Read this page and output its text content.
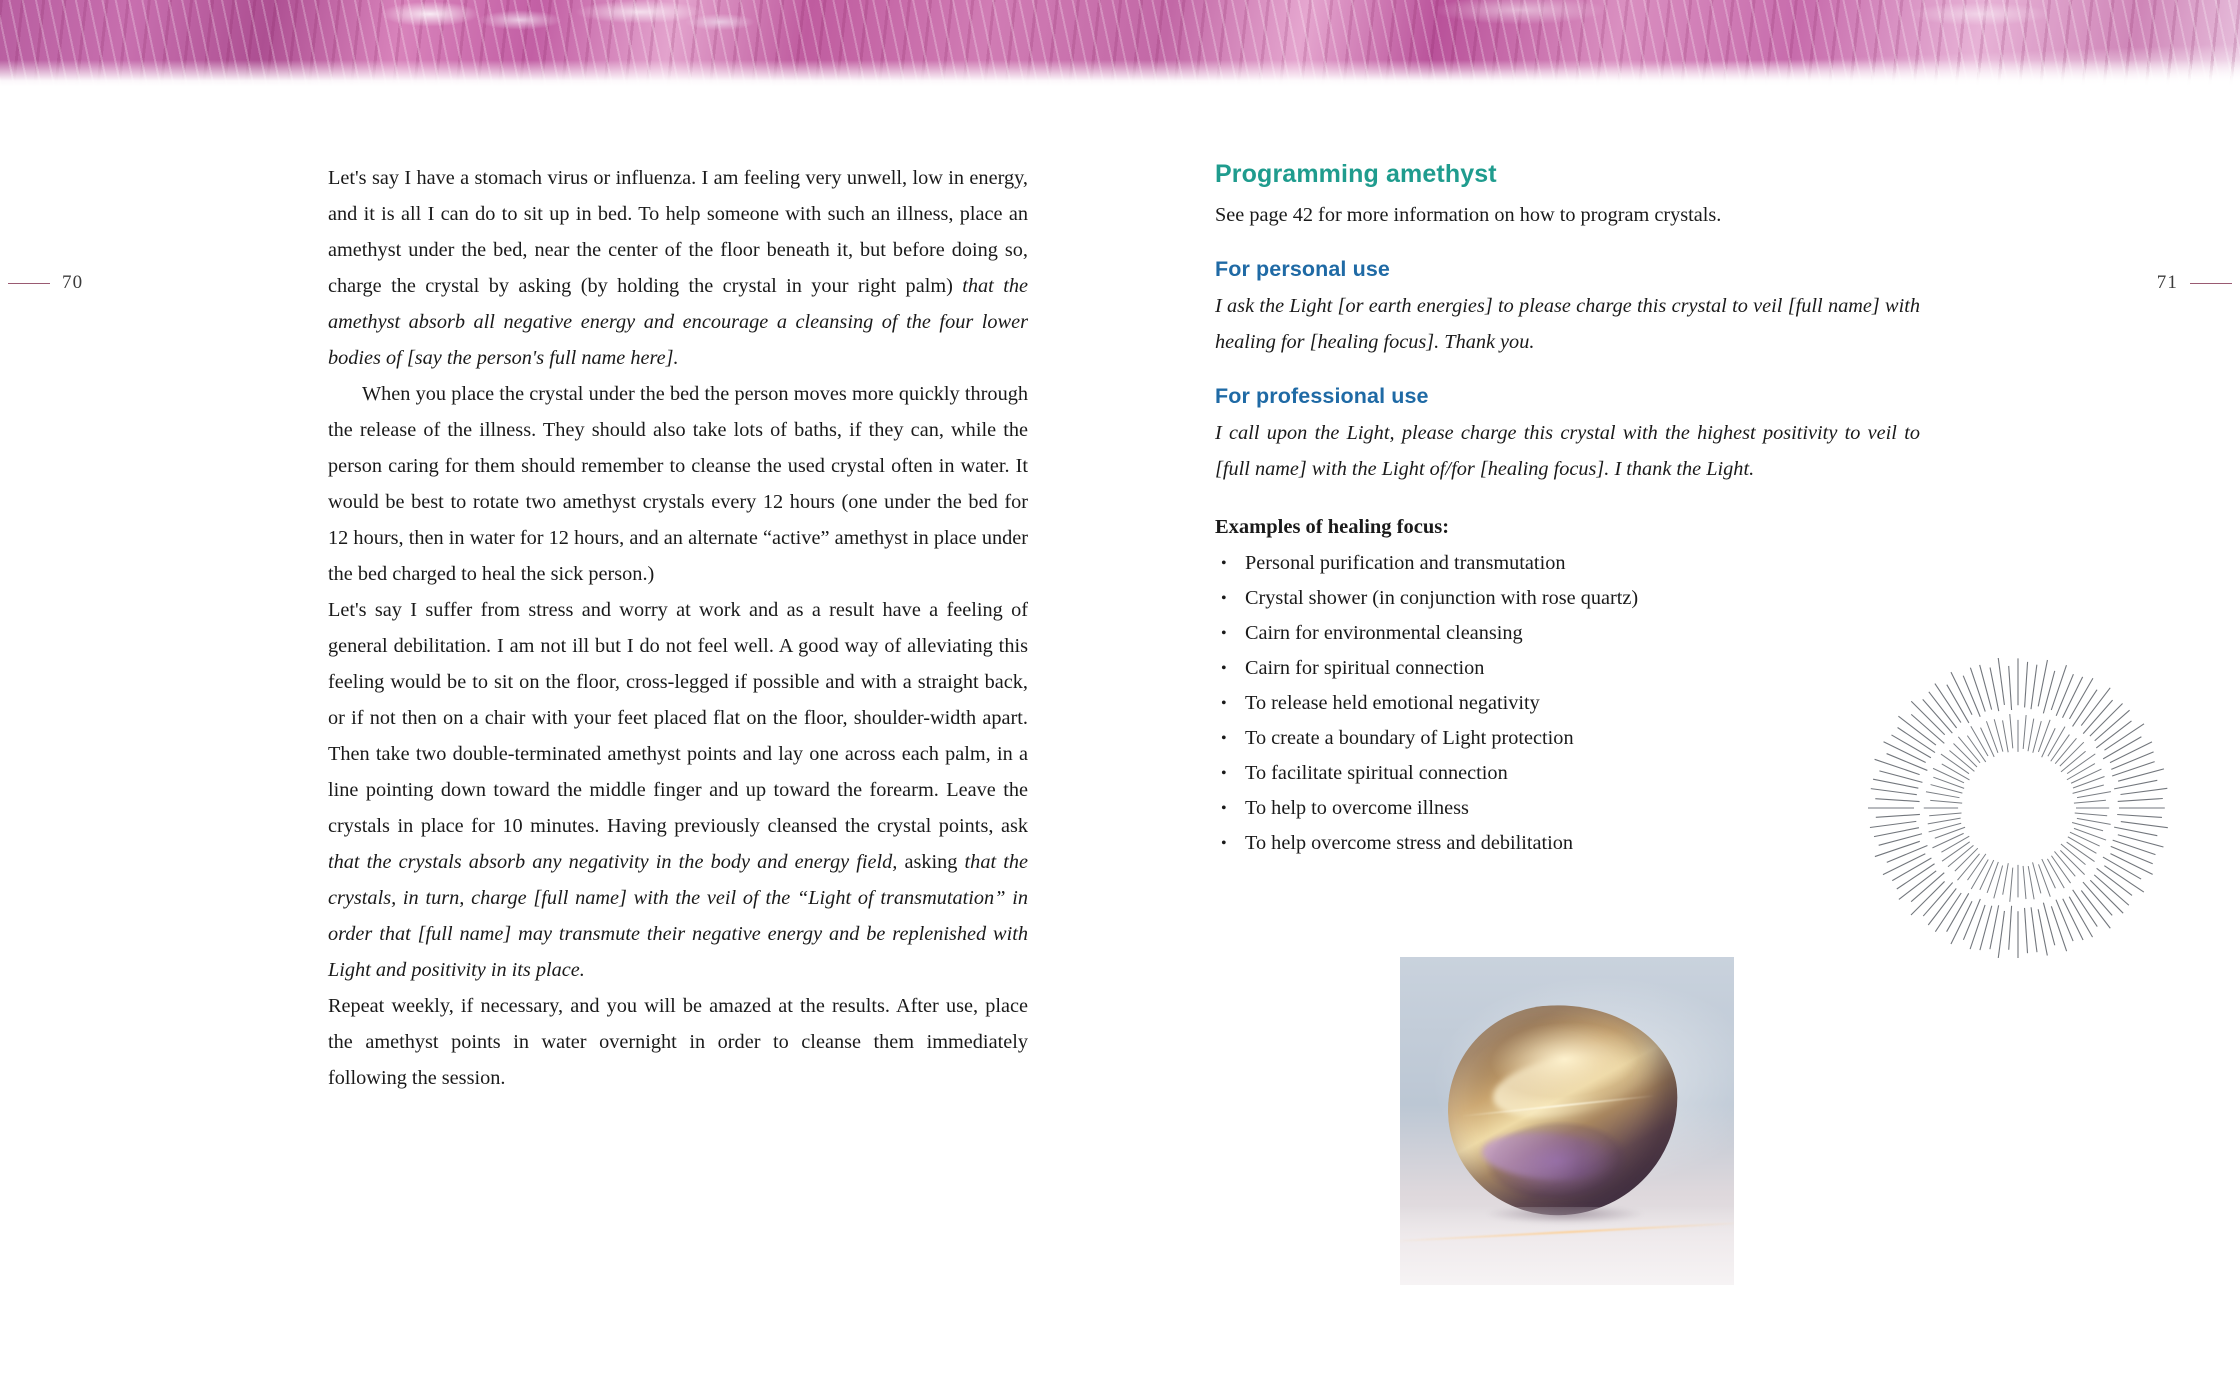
70	71

Let's say I have a stomach virus or influenza. I am feeling very unwell, low in energy, and it is all I can do to sit up in bed. To help someone with such an illness, place an amethyst under the bed, near the center of the floor beneath it, but before doing so, charge the crystal by asking (by holding the crystal in your right palm) that the amethyst absorb all negative energy and encourage a cleansing of the four lower bodies of [say the person's full name here].

When you place the crystal under the bed the person moves more quickly through the release of the illness. They should also take lots of baths, if they can, while the person caring for them should remember to cleanse the used crystal often in water. It would be best to rotate two amethyst crystals every 12 hours (one under the bed for 12 hours, then in water for 12 hours, and an alternate “active” amethyst in place under the bed charged to heal the sick person.)

Let's say I suffer from stress and worry at work and as a result have a feeling of general debilitation. I am not ill but I do not feel well. A good way of alleviating this feeling would be to sit on the floor, cross-legged if possible and with a straight back, or if not then on a chair with your feet placed flat on the floor, shoulder-width apart. Then take two double-terminated amethyst points and lay one across each palm, in a line pointing down toward the middle finger and up toward the forearm. Leave the crystals in place for 10 minutes. Having previously cleansed the crystal points, ask that the crystals absorb any negativity in the body and energy field, asking that the crystals, in turn, charge [full name] with the veil of the “Light of transmutation” in order that [full name] may transmute their negative energy and be replenished with Light and positivity in its place.

Repeat weekly, if necessary, and you will be amazed at the results. After use, place the amethyst points in water overnight in order to cleanse them immediately following the session.

Programming amethyst

See page 42 for more information on how to program crystals.

For personal use

I ask the Light [or earth energies] to please charge this crystal to veil [full name] with healing for [healing focus]. Thank you.

For professional use

I call upon the Light, please charge this crystal with the highest positivity to veil to [full name] with the Light of/for [healing focus]. I thank the Light.

Examples of healing focus:

• Personal purification and transmutation
• Crystal shower (in conjunction with rose quartz)
• Cairn for environmental cleansing
• Cairn for spiritual connection
• To release held emotional negativity
• To create a boundary of Light protection
• To facilitate spiritual connection
• To help to overcome illness
• To help overcome stress and debilitation
